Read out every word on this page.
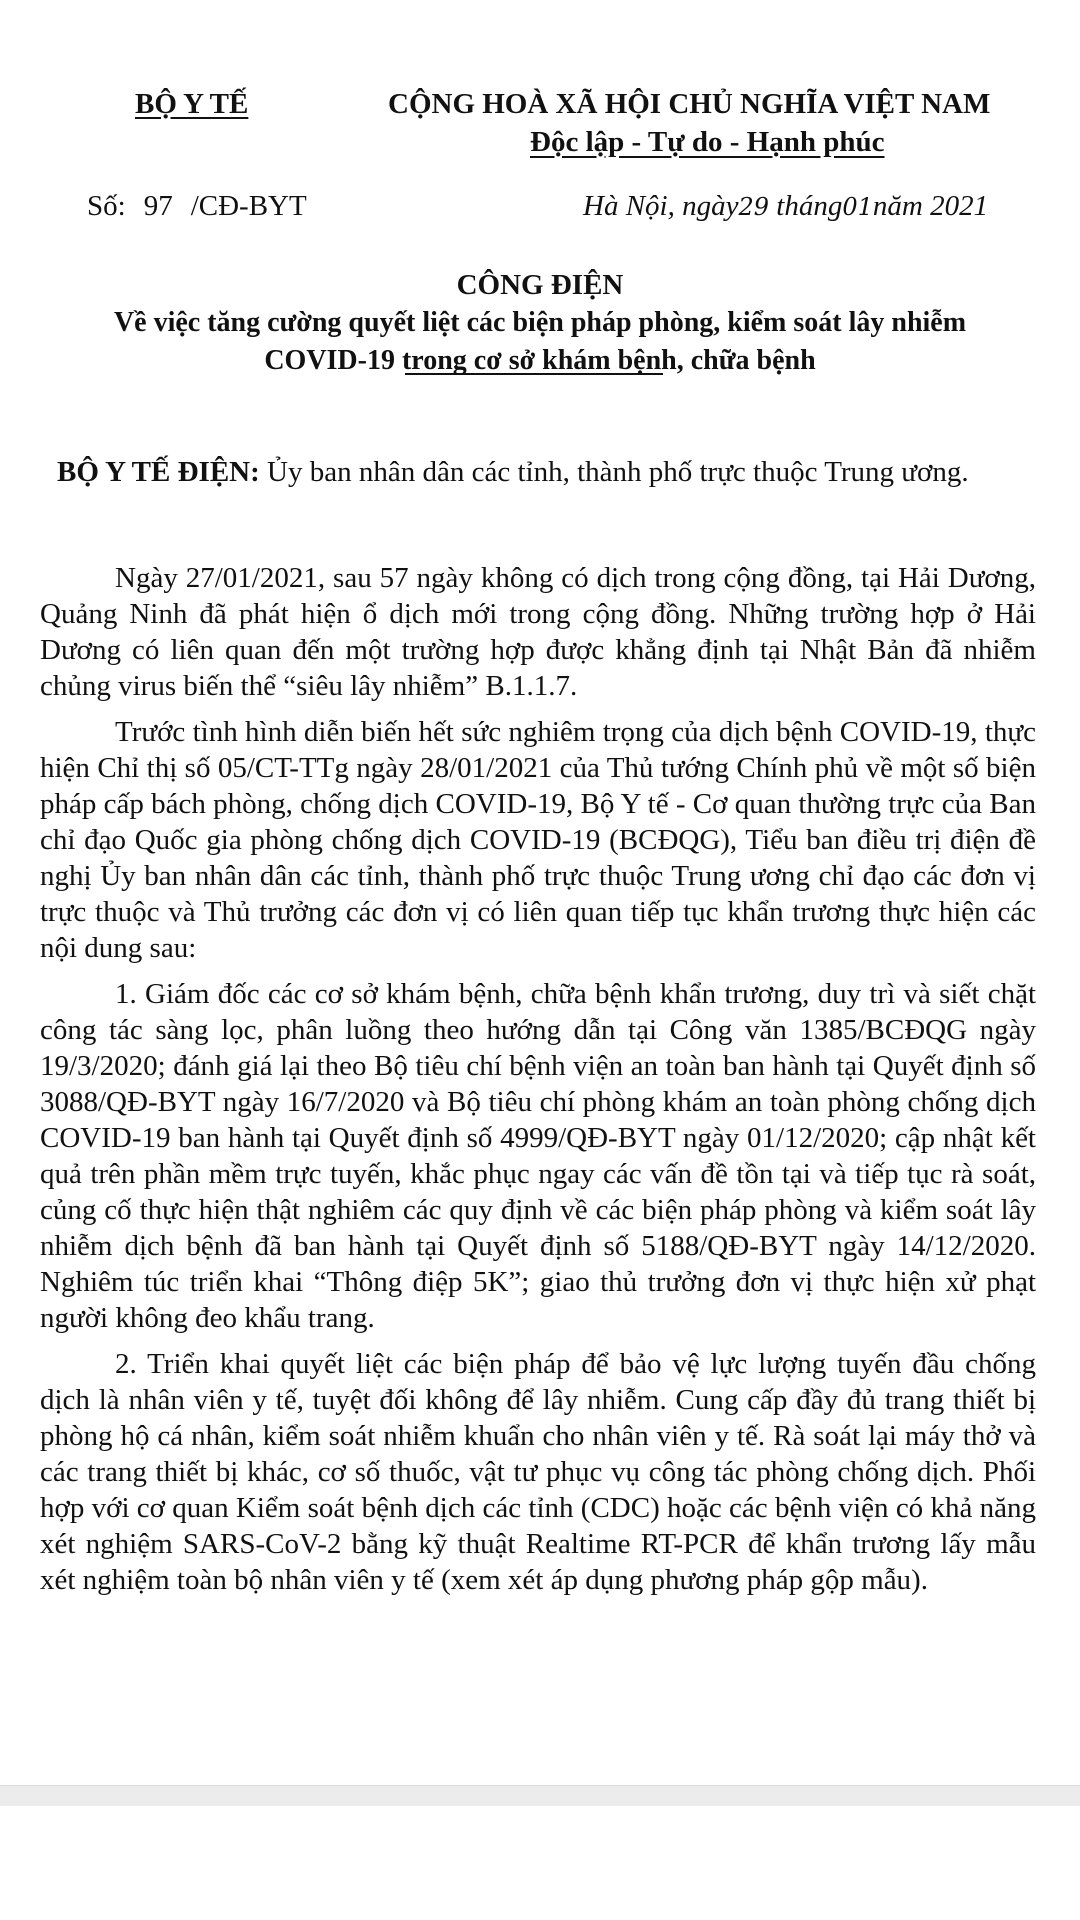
BỘ Y TẾ	CỘNG HOÀ XÃ HỘI CHỦ NGHĨA VIỆT NAM
Độc lập - Tự do - Hạnh phúc
Số: 97 /CĐ-BYT	Hà Nội, ngày29 tháng01năm 2021
CÔNG ĐIỆN
Về việc tăng cường quyết liệt các biện pháp phòng, kiểm soát lây nhiễm
COVID-19 trong cơ sở khám bệnh, chữa bệnh
BỘ Y TẾ ĐIỆN: Ủy ban nhân dân các tỉnh, thành phố trực thuộc Trung ương.

Ngày 27/01/2021, sau 57 ngày không có dịch trong cộng đồng, tại Hải Dương, Quảng Ninh đã phát hiện ổ dịch mới trong cộng đồng. Những trường hợp ở Hải Dương có liên quan đến một trường hợp được khẳng định tại Nhật Bản đã nhiễm chủng virus biến thể “siêu lây nhiễm” B.1.1.7.

Trước tình hình diễn biến hết sức nghiêm trọng của dịch bệnh COVID-19, thực hiện Chỉ thị số 05/CT-TTg ngày 28/01/2021 của Thủ tướng Chính phủ về một số biện pháp cấp bách phòng, chống dịch COVID-19, Bộ Y tế - Cơ quan thường trực của Ban chỉ đạo Quốc gia phòng chống dịch COVID-19 (BCĐQG), Tiểu ban điều trị điện đề nghị Ủy ban nhân dân các tỉnh, thành phố trực thuộc Trung ương chỉ đạo các đơn vị trực thuộc và Thủ trưởng các đơn vị có liên quan tiếp tục khẩn trương thực hiện các nội dung sau:

1. Giám đốc các cơ sở khám bệnh, chữa bệnh khẩn trương, duy trì và siết chặt công tác sàng lọc, phân luồng theo hướng dẫn tại Công văn 1385/BCĐQG ngày 19/3/2020; đánh giá lại theo Bộ tiêu chí bệnh viện an toàn ban hành tại Quyết định số 3088/QĐ-BYT ngày 16/7/2020 và Bộ tiêu chí phòng khám an toàn phòng chống dịch COVID-19 ban hành tại Quyết định số 4999/QĐ-BYT ngày 01/12/2020; cập nhật kết quả trên phần mềm trực tuyến, khắc phục ngay các vấn đề tồn tại và tiếp tục rà soát, củng cố thực hiện thật nghiêm các quy định về các biện pháp phòng và kiểm soát lây nhiễm dịch bệnh đã ban hành tại Quyết định số 5188/QĐ-BYT ngày 14/12/2020. Nghiêm túc triển khai “Thông điệp 5K”; giao thủ trưởng đơn vị thực hiện xử phạt người không đeo khẩu trang.

2. Triển khai quyết liệt các biện pháp để bảo vệ lực lượng tuyến đầu chống dịch là nhân viên y tế, tuyệt đối không để lây nhiễm. Cung cấp đầy đủ trang thiết bị phòng hộ cá nhân, kiểm soát nhiễm khuẩn cho nhân viên y tế. Rà soát lại máy thở và các trang thiết bị khác, cơ số thuốc, vật tư phục vụ công tác phòng chống dịch. Phối hợp với cơ quan Kiểm soát bệnh dịch các tỉnh (CDC) hoặc các bệnh viện có khả năng xét nghiệm SARS-CoV-2 bằng kỹ thuật Realtime RT-PCR để khẩn trương lấy mẫu xét nghiệm toàn bộ nhân viên y tế (xem xét áp dụng phương pháp gộp mẫu).
